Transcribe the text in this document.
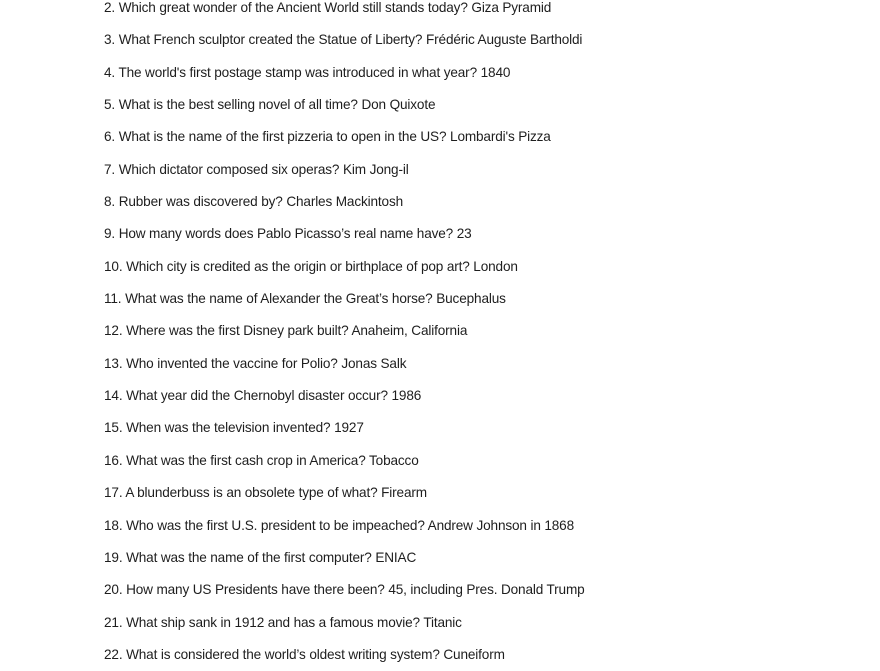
2. Which great wonder of the Ancient World still stands today? Giza Pyramid
3. What French sculptor created the Statue of Liberty? Frédéric Auguste Bartholdi
4. The world's first postage stamp was introduced in what year? 1840
5. What is the best selling novel of all time? Don Quixote
6. What is the name of the first pizzeria to open in the US? Lombardi's Pizza
7. Which dictator composed six operas? Kim Jong-il
8. Rubber was discovered by? Charles Mackintosh
9. How many words does Pablo Picasso’s real name have? 23
10. Which city is credited as the origin or birthplace of pop art? London
11. What was the name of Alexander the Great’s horse? Bucephalus
12. Where was the first Disney park built? Anaheim, California
13. Who invented the vaccine for Polio? Jonas Salk
14. What year did the Chernobyl disaster occur? 1986
15. When was the television invented? 1927
16. What was the first cash crop in America? Tobacco
17. A blunderbuss is an obsolete type of what? Firearm
18. Who was the first U.S. president to be impeached? Andrew Johnson in 1868
19. What was the name of the first computer? ENIAC
20. How many US Presidents have there been? 45, including Pres. Donald Trump
21. What ship sank in 1912 and has a famous movie? Titanic
22. What is considered the world’s oldest writing system? Cuneiform
